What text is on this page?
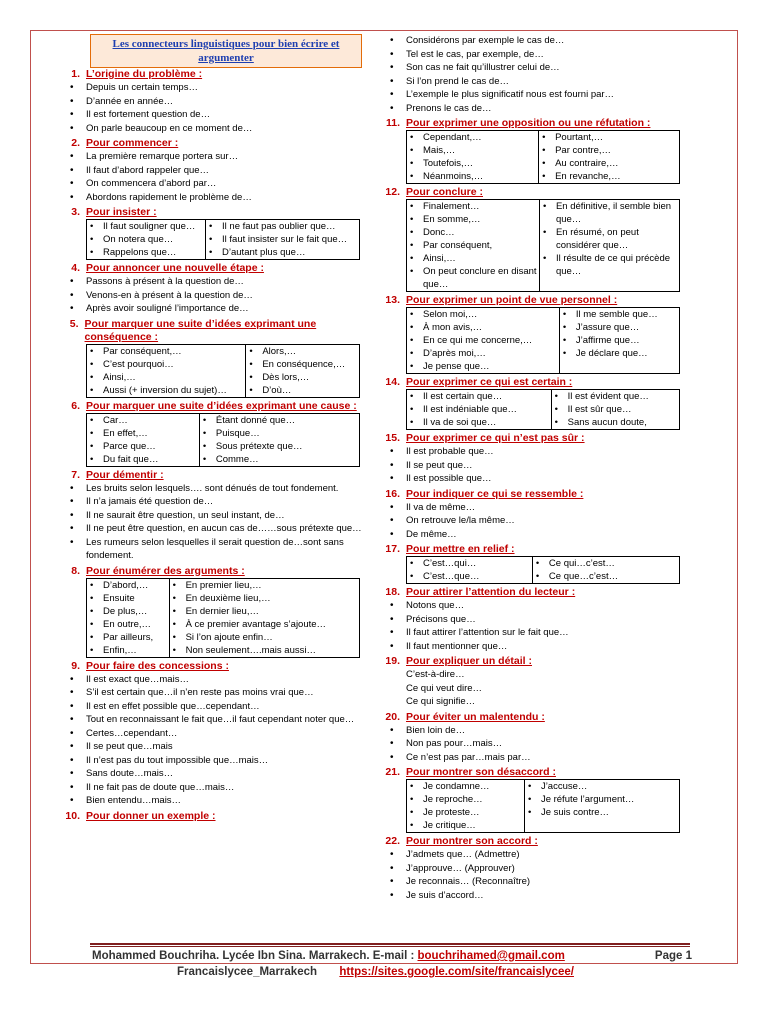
Les connecteurs linguistiques pour bien écrire et argumenter
1. L’origine du problème :
• Depuis un certain temps…
• D’année en année…
• Il est fortement question de…
• On parle beaucoup en ce moment de…
2. Pour commencer :
• La première remarque portera sur…
• Il faut d’abord rappeler que…
• On commencera d’abord par…
• Abordons rapidement le problème de…
3. Pour insister :
• Il faut souligner que…
• On notera que…
• Rappelons que…

• Il ne faut pas oublier que…
• Il faut insister sur le fait que…
• D’autant plus que…
4. Pour annoncer une nouvelle étape :
• Passons à présent à la question de…
• Venons-en à présent à la question de…
• Après avoir souligné l’importance de…
5. Pour marquer une suite d’idées exprimant une conséquence :
• Par conséquent,…
• C’est pourquoi…
• Ainsi,…
• Aussi (+ inversion du sujet)…

• Alors,…
• En conséquence,…
• Dès lors,…
• D’où…
6. Pour marquer une suite d’idées exprimant une cause :
• Car…
• En effet,…
• Parce que…
• Du fait que…

• Étant donné que…
• Puisque…
• Sous prétexte que…
• Comme…
7. Pour démentir :
• Les bruits selon lesquels…. sont dénués de tout fondement.
• Il n’a jamais été question de…
• Il ne saurait être question, un seul instant, de…
• Il ne peut être question, en aucun cas de……sous prétexte que…
• Les rumeurs selon lesquelles il serait question de…sont sans fondement.
8. Pour énumérer des arguments :
• D’abord,…
• Ensuite
• De plus,…
• En outre,…
• Par ailleurs,
• Enfin,…

• En premier lieu,…
• En deuxième lieu,…
• En dernier lieu,…
• À ce premier avantage s’ajoute…
• Si l’on ajoute enfin…
• Non seulement….mais aussi…
9. Pour faire des concessions :
• Il est exact que…mais…
• S’il est certain que…il n’en reste pas moins vrai que…
• Il est en effet possible que…cependant…
• Tout en reconnaissant le fait que…il faut cependant noter que…
• Certes…cependant…
• Il se peut que…mais
• Il n’est pas du tout impossible que…mais…
• Sans doute…mais…
• Il ne fait pas de doute que…mais…
• Bien entendu…mais…
10. Pour donner un exemple :
• Considérons par exemple le cas de…
• Tel est le cas, par exemple, de…
• Son cas ne fait qu’illustrer celui de…
• Si l’on prend le cas de…
• L’exemple le plus significatif nous est fourni par…
• Prenons le cas de…
11. Pour exprimer une opposition ou une réfutation :
• Cependant,…
• Mais,…
• Toutefois,…
• Néanmoins,…

• Pourtant,…
• Par contre,…
• Au contraire,…
• En revanche,…
12. Pour conclure :
• Finalement…
• En somme,…
• Donc…
• Par conséquent,
• Ainsi,…
• On peut conclure en disant que…

• En définitive, il semble bien que…
• En résumé, on peut considérer que…
• Il résulte de ce qui précède que…
13. Pour exprimer un point de vue personnel :
• Selon moi,…
• À mon avis,…
• En ce qui me concerne,…
• D’après moi,…
• Je pense que…

• Il me semble que…
• J’assure que…
• J’affirme que…
• Je déclare que…
14. Pour exprimer ce qui est certain :
• Il est certain que…
• Il est indéniable que…
• Il va de soi que…

• Il est évident que…
• Il est sûr que…
• Sans aucun doute,
15. Pour exprimer ce qui n’est pas sûr :
• Il est probable que…
• Il se peut que…
• Il est possible que…
16. Pour indiquer ce qui se ressemble :
• Il va de même…
• On retrouve le/la même…
• De même…
17. Pour mettre en relief :
• C’est…qui…
• C’est…que…

• Ce qui…c’est…
• Ce que…c’est…
18. Pour attirer l’attention du lecteur :
• Notons que…
• Précisons que…
• Il faut attirer l’attention sur le fait que…
• Il faut mentionner que…
19. Pour expliquer un détail :
C’est-à-dire…
Ce qui veut dire…
Ce qui signifie…
20. Pour éviter un malentendu :
• Bien loin de…
• Non pas pour…mais…
• Ce n’est pas par…mais par…
21. Pour montrer son désaccord :
• Je condamne…
• Je reproche…
• Je proteste…
• Je critique…

• J’accuse…
• Je réfute l’argument…
• Je suis contre…
22. Pour montrer son accord :
• J’admets que… (Admettre)
• J’approuve… (Approuver)
• Je reconnais… (Reconnaître)
• Je suis d’accord…
Mohammed Bouchriha. Lycée Ibn Sina. Marrakech. E-mail : bouchrihamed@gmail.com	Page 1
Francaislycee_Marrakech https://sites.google.com/site/francaislycee/
